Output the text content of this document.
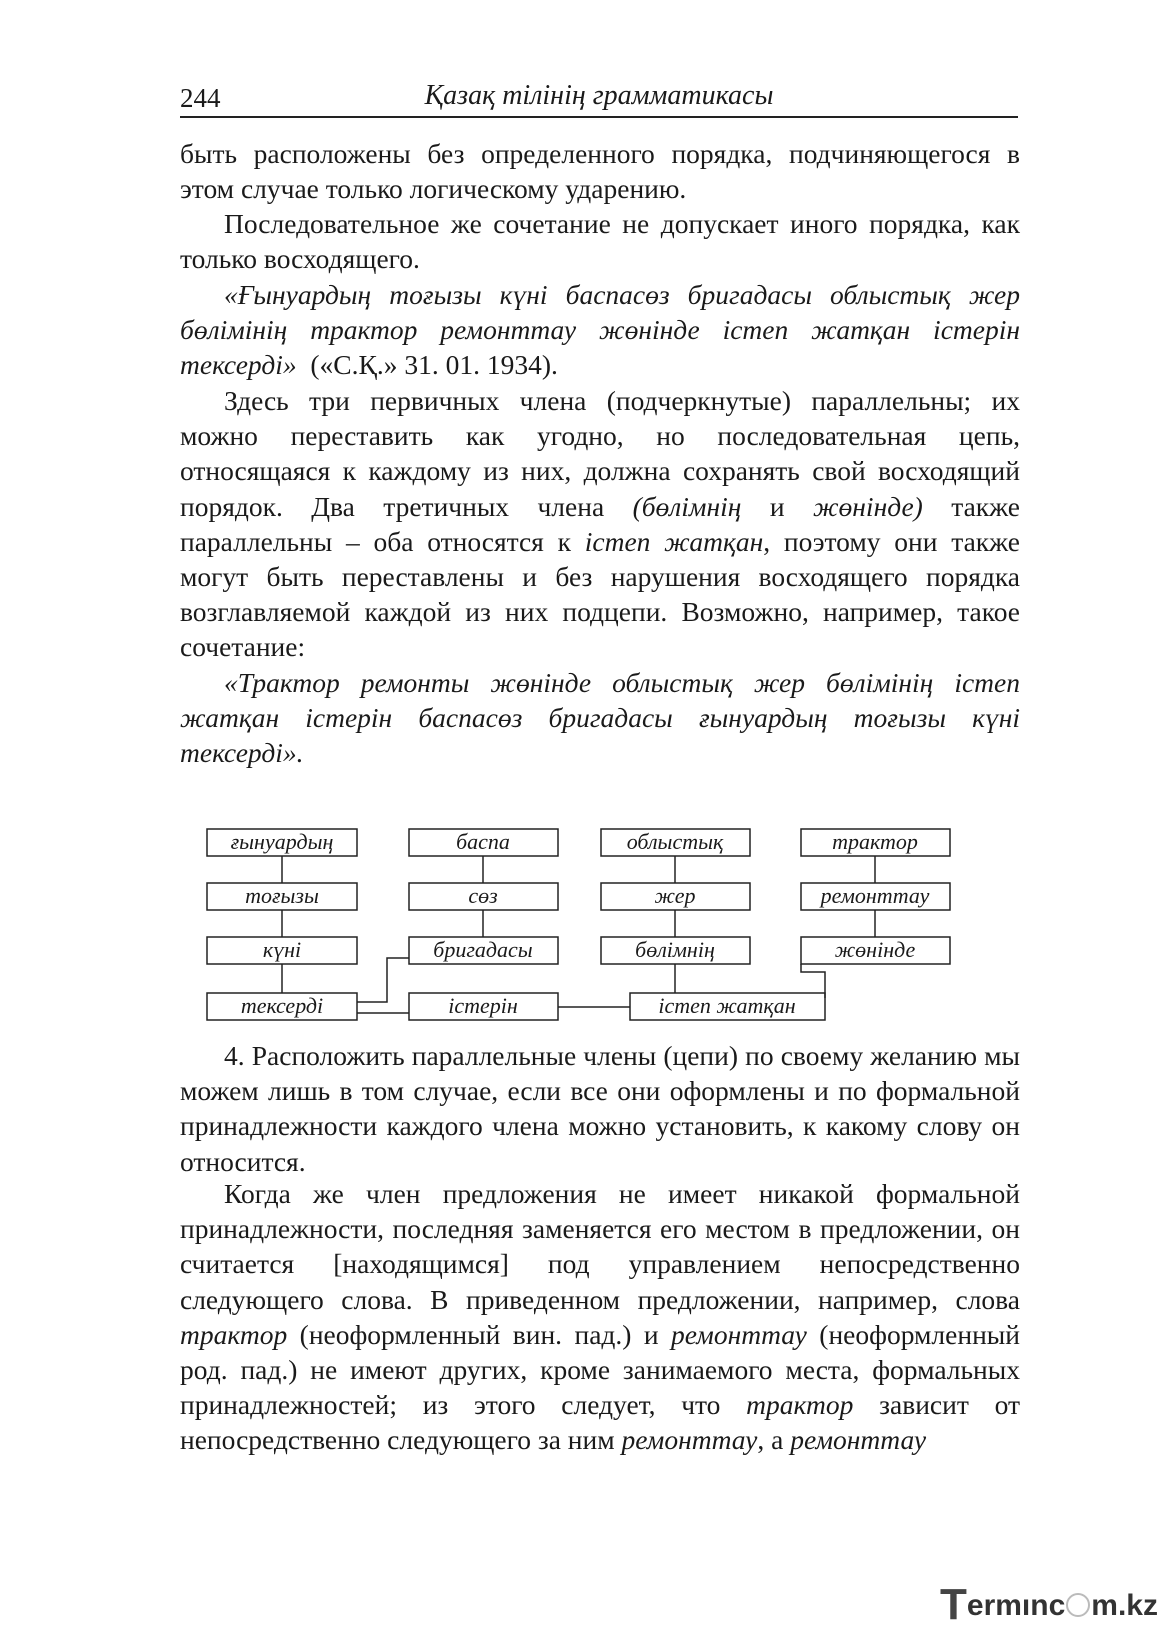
244	Қазақ тілінің грамматикасы

быть расположены без определенного порядка, подчиняющегося в этом случае только логическому ударению.

Последовательное же сочетание не допускает иного порядка, как только восходящего.

«Ғынуардың тоғызы күні баспасөз бригадасы облыстық жер бөлімінің трактор ремонттау жөнінде істеп жатқан істерін тексерді» («С.Қ.» 31. 01. 1934).

Здесь три первичных члена (подчеркнутые) параллельны; их можно переставить как угодно, но последовательная цепь, относящаяся к каждому из них, должна сохранять свой восходящий порядок. Два третичных члена (бөлімнің и жөнінде) также параллельны – оба относятся к істеп жатқан, поэтому они также могут быть переставлены и без нарушения восходящего порядка возглавляемой каждой из них подцепи. Возможно, например, такое сочетание:

«Трактор ремонты жөнінде облыстық жер бөлімінің істеп жатқан істерін баспасөз бригадасы ғынуардың тоғызы күні тексерді».

ғынуардың
тоғызы
күні
тексерді
баспа
сөз
бригадасы
істерін
облыстық
жер
бөлімнің
істеп жатқан
трактор
ремонттау
жөнінде

4. Расположить параллельные члены (цепи) по своему желанию мы можем лишь в том случае, если все они оформлены и по формальной принадлежности каждого члена можно установить, к какому слову он относится.

Когда же член предложения не имеет никакой формальной принадлежности, последняя заменяется его местом в предложении, он считается [находящимся] под управлением непосредственно следующего слова. В приведенном предложении, например, слова трактор (неоформленный вин. пад.) и ремонттау (неоформленный род. пад.) не имеют других, кроме занимаемого места, формальных принадлежностей; из этого следует, что трактор зависит от непосредственно следующего за ним ремонттау, а ремонттау

Termınc m.kz
